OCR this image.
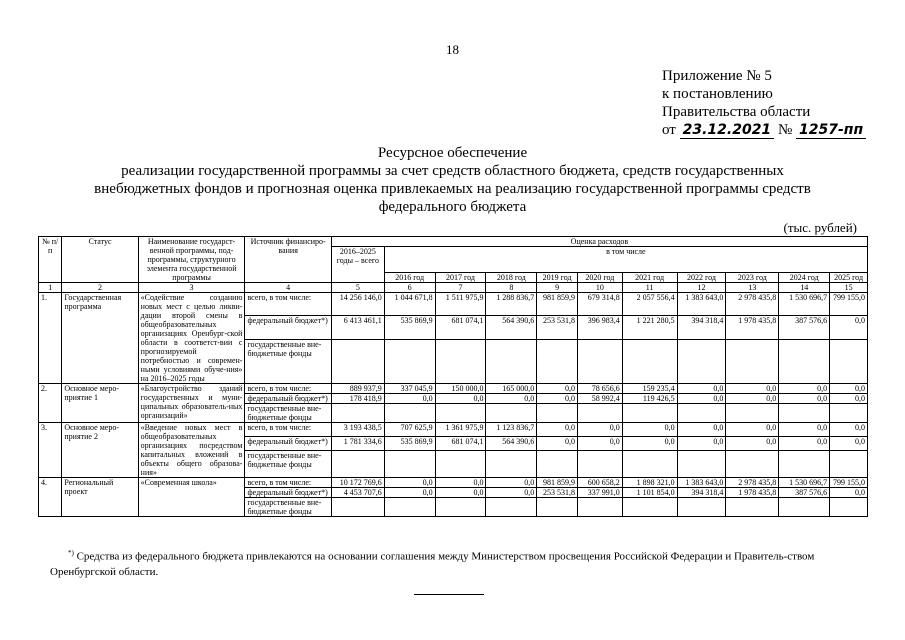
18
Приложение № 5
к постановлению
Правительства области
от 23.12.2021 № 1257-пп
Ресурсное обеспечение
реализации государственной программы за счет средств областного бюджета, средств государственных
внебюджетных фондов и прогнозная оценка привлекаемых на реализацию государственной программы средств
федерального бюджета
(тыс. рублей)
№ п/п	Статус	Наименование государст-венной программы, под-программы, структурного элемента государственной программы	Источник финансиро-вания	Оценка расходов										
				2016–2025 годы – всего	в том числе									
					2016 год	2017 год	2018 год	2019 год	2020 год	2021 год	2022 год	2023 год	2024 год	2025 год
1	2	3	4	5	6	7	8	9	10	11	12	13	14	15
1.	Государственная программа	«Содействие созданию новых мест с целью ликви-дации второй смены в общеобразовательных организациях Оренбург-ской области в соответст-вии с прогнозируемой потребностью и современ-ными условиями обуче-ния» на 2016–2025 годы	всего, в том числе:	14 256 146,0	1 044 671,8	1 511 975,9	1 288 836,7	981 859,9	679 314,8	2 057 556,4	1 383 643,0	2 978 435,8	1 530 696,7	799 155,0
			федеральный бюджет*)	6 413 461,1	535 869,9	681 074,1	564 390,6	253 531,8	396 983,4	1 221 280,5	394 318,4	1 978 435,8	387 576,6	0,0
			государственные вне-бюджетные фонды											
2.	Основное меро-приятие 1	«Благоустройство зданий государственных и муни-ципальных образователь-ных организаций»	всего, в том числе:	889 937,9	337 045,9	150 000,0	165 000,0	0,0	78 656,6	159 235,4	0,0	0,0	0,0	0,0
			федеральный бюджет*)	178 418,9	0,0	0,0	0,0	0,0	58 992,4	119 426,5	0,0	0,0	0,0	0,0
			государственные вне-бюджетные фонды											
3.	Основное меро-приятие 2	«Введение новых мест в общеобразовательных организациях посредством капитальных вложений в объекты общего образова-ния»	всего, в том числе:	3 193 438,5	707 625,9	1 361 975,9	1 123 836,7	0,0	0,0	0,0	0,0	0,0	0,0	0,0
			федеральный бюджет*)	1 781 334,6	535 869,9	681 074,1	564 390,6	0,0	0,0	0,0	0,0	0,0	0,0	0,0
			государственные вне-бюджетные фонды											
4.	Региональный проект	«Современная школа»	всего, в том числе:	10 172 769,6	0,0	0,0	0,0	981 859,9	600 658,2	1 898 321,0	1 383 643,0	2 978 435,8	1 530 696,7	799 155,0
			федеральный бюджет*)	4 453 707,6	0,0	0,0	0,0	253 531,8	337 991,0	1 101 854,0	394 318,4	1 978 435,8	387 576,6	0,0
			государственные вне-бюджетные фонды											
*) Средства из федерального бюджета привлекаются на основании соглашения между Министерством просвещения Российской Федерации и Правитель-ством Оренбургской области.
